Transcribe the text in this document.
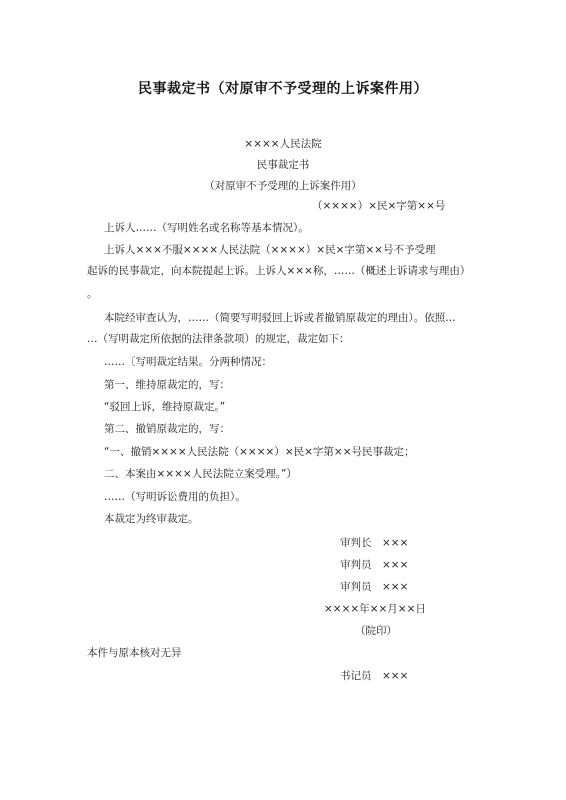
民事裁定书（对原审不予受理的上诉案件用）
××××人民法院
民事裁定书
（对原审不予受理的上诉案件用）
（××××）×民×字第××号
上诉人……（写明姓名或名称等基本情况）。
上诉人×××不服××××人民法院（××××）×民×字第××号不予受理
起诉的民事裁定，向本院提起上诉。上诉人×××称，……（概述上诉请求与理由）
。
本院经审查认为，……（简要写明驳回上诉或者撤销原裁定的理由）。依照…
…（写明裁定所依据的法律条款项）的规定，裁定如下：
……〔写明裁定结果。分两种情况：
第一、维持原裁定的，写：
“驳回上诉，维持原裁定。”
第二、撤销原裁定的，写：
“一、撤销××××人民法院（××××）×民×字第××号民事裁定；
二、本案由××××人民法院立案受理。”）
……（写明诉讼费用的负担）。
本裁定为终审裁定。
审判长　×××
审判员　×××
审判员　×××
××××年××月××日
（院印）
本件与原本核对无异
书记员　×××
